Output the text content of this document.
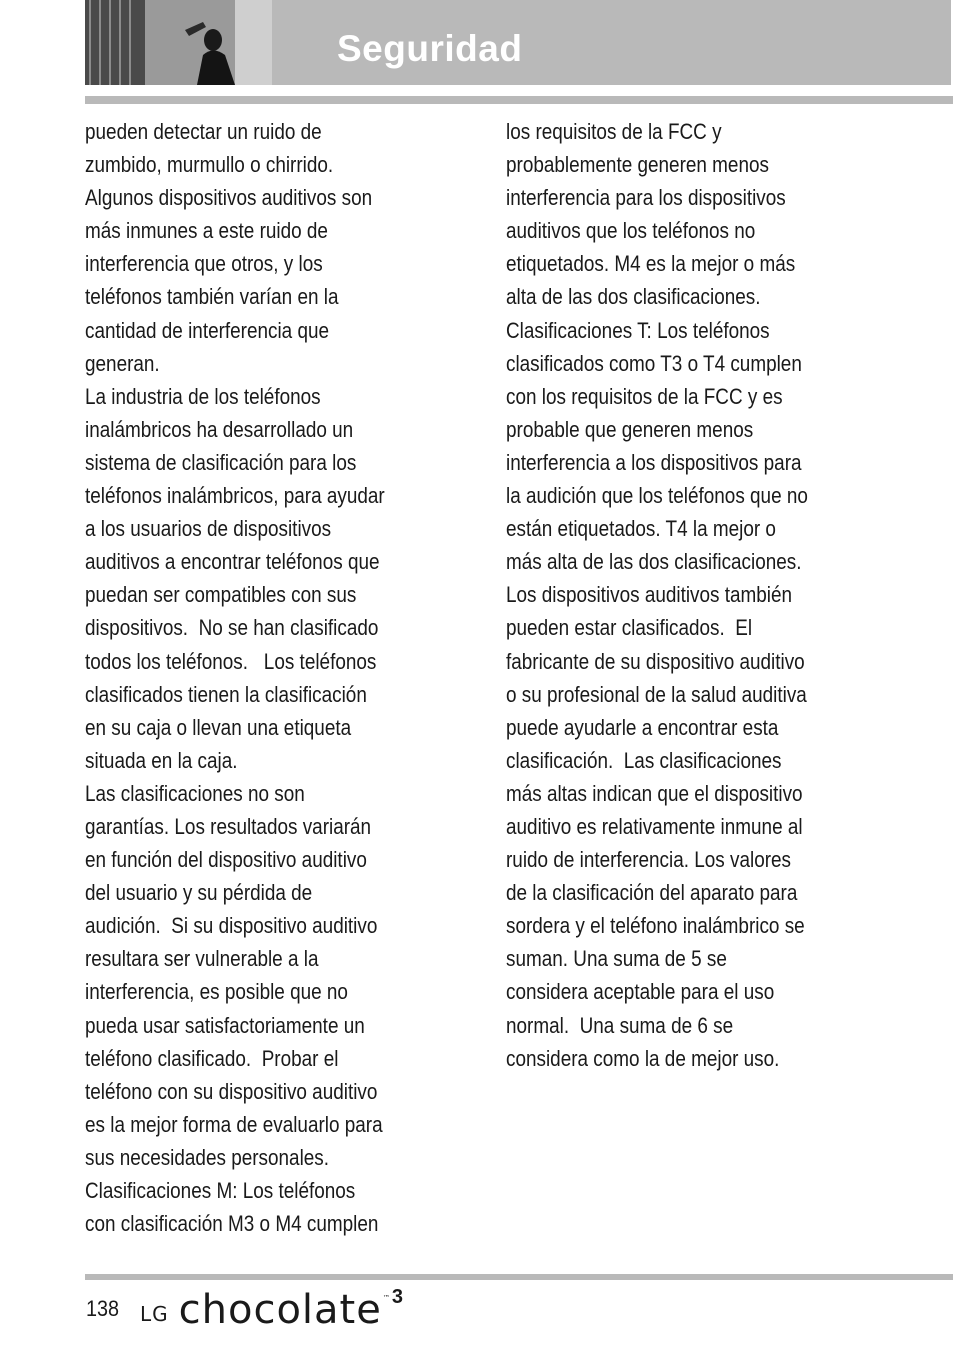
Seguridad

pueden detectar un ruido de

zumbido, murmullo o chirrido.

Algunos dispositivos auditivos son

más inmunes a este ruido de

interferencia que otros, y los

teléfonos también varían en la

cantidad de interferencia que

generan.

La industria de los teléfonos

inalámbricos ha desarrollado un

sistema de clasificación para los

teléfonos inalámbricos, para ayudar

a los usuarios de dispositivos

auditivos a encontrar teléfonos que

puedan ser compatibles con sus

dispositivos.  No se han clasificado

todos los teléfonos.   Los teléfonos

clasificados tienen la clasificación

en su caja o llevan una etiqueta

situada en la caja.

Las clasificaciones no son

garantías. Los resultados variarán

en función del dispositivo auditivo

del usuario y su pérdida de

audición.  Si su dispositivo auditivo

resultara ser vulnerable a la

interferencia, es posible que no

pueda usar satisfactoriamente un

teléfono clasificado.  Probar el

teléfono con su dispositivo auditivo

es la mejor forma de evaluarlo para

sus necesidades personales.

Clasificaciones M: Los teléfonos

con clasificación M3 o M4 cumplen

los requisitos de la FCC y

probablemente generen menos

interferencia para los dispositivos

auditivos que los teléfonos no

etiquetados. M4 es la mejor o más

alta de las dos clasificaciones.

Clasificaciones T: Los teléfonos

clasificados como T3 o T4 cumplen

con los requisitos de la FCC y es

probable que generen menos

interferencia a los dispositivos para

la audición que los teléfonos que no

están etiquetados. T4 la mejor o

más alta de las dos clasificaciones.

Los dispositivos auditivos también

pueden estar clasificados.  El

fabricante de su dispositivo auditivo

o su profesional de la salud auditiva

puede ayudarle a encontrar esta

clasificación.  Las clasificaciones

más altas indican que el dispositivo

auditivo es relativamente inmune al

ruido de interferencia. Los valores

de la clasificación del aparato para

sordera y el teléfono inalámbrico se

suman. Una suma de 5 se

considera aceptable para el uso

normal.  Una suma de 6 se

considera como la de mejor uso.

138 LG chocolate ™ 3
